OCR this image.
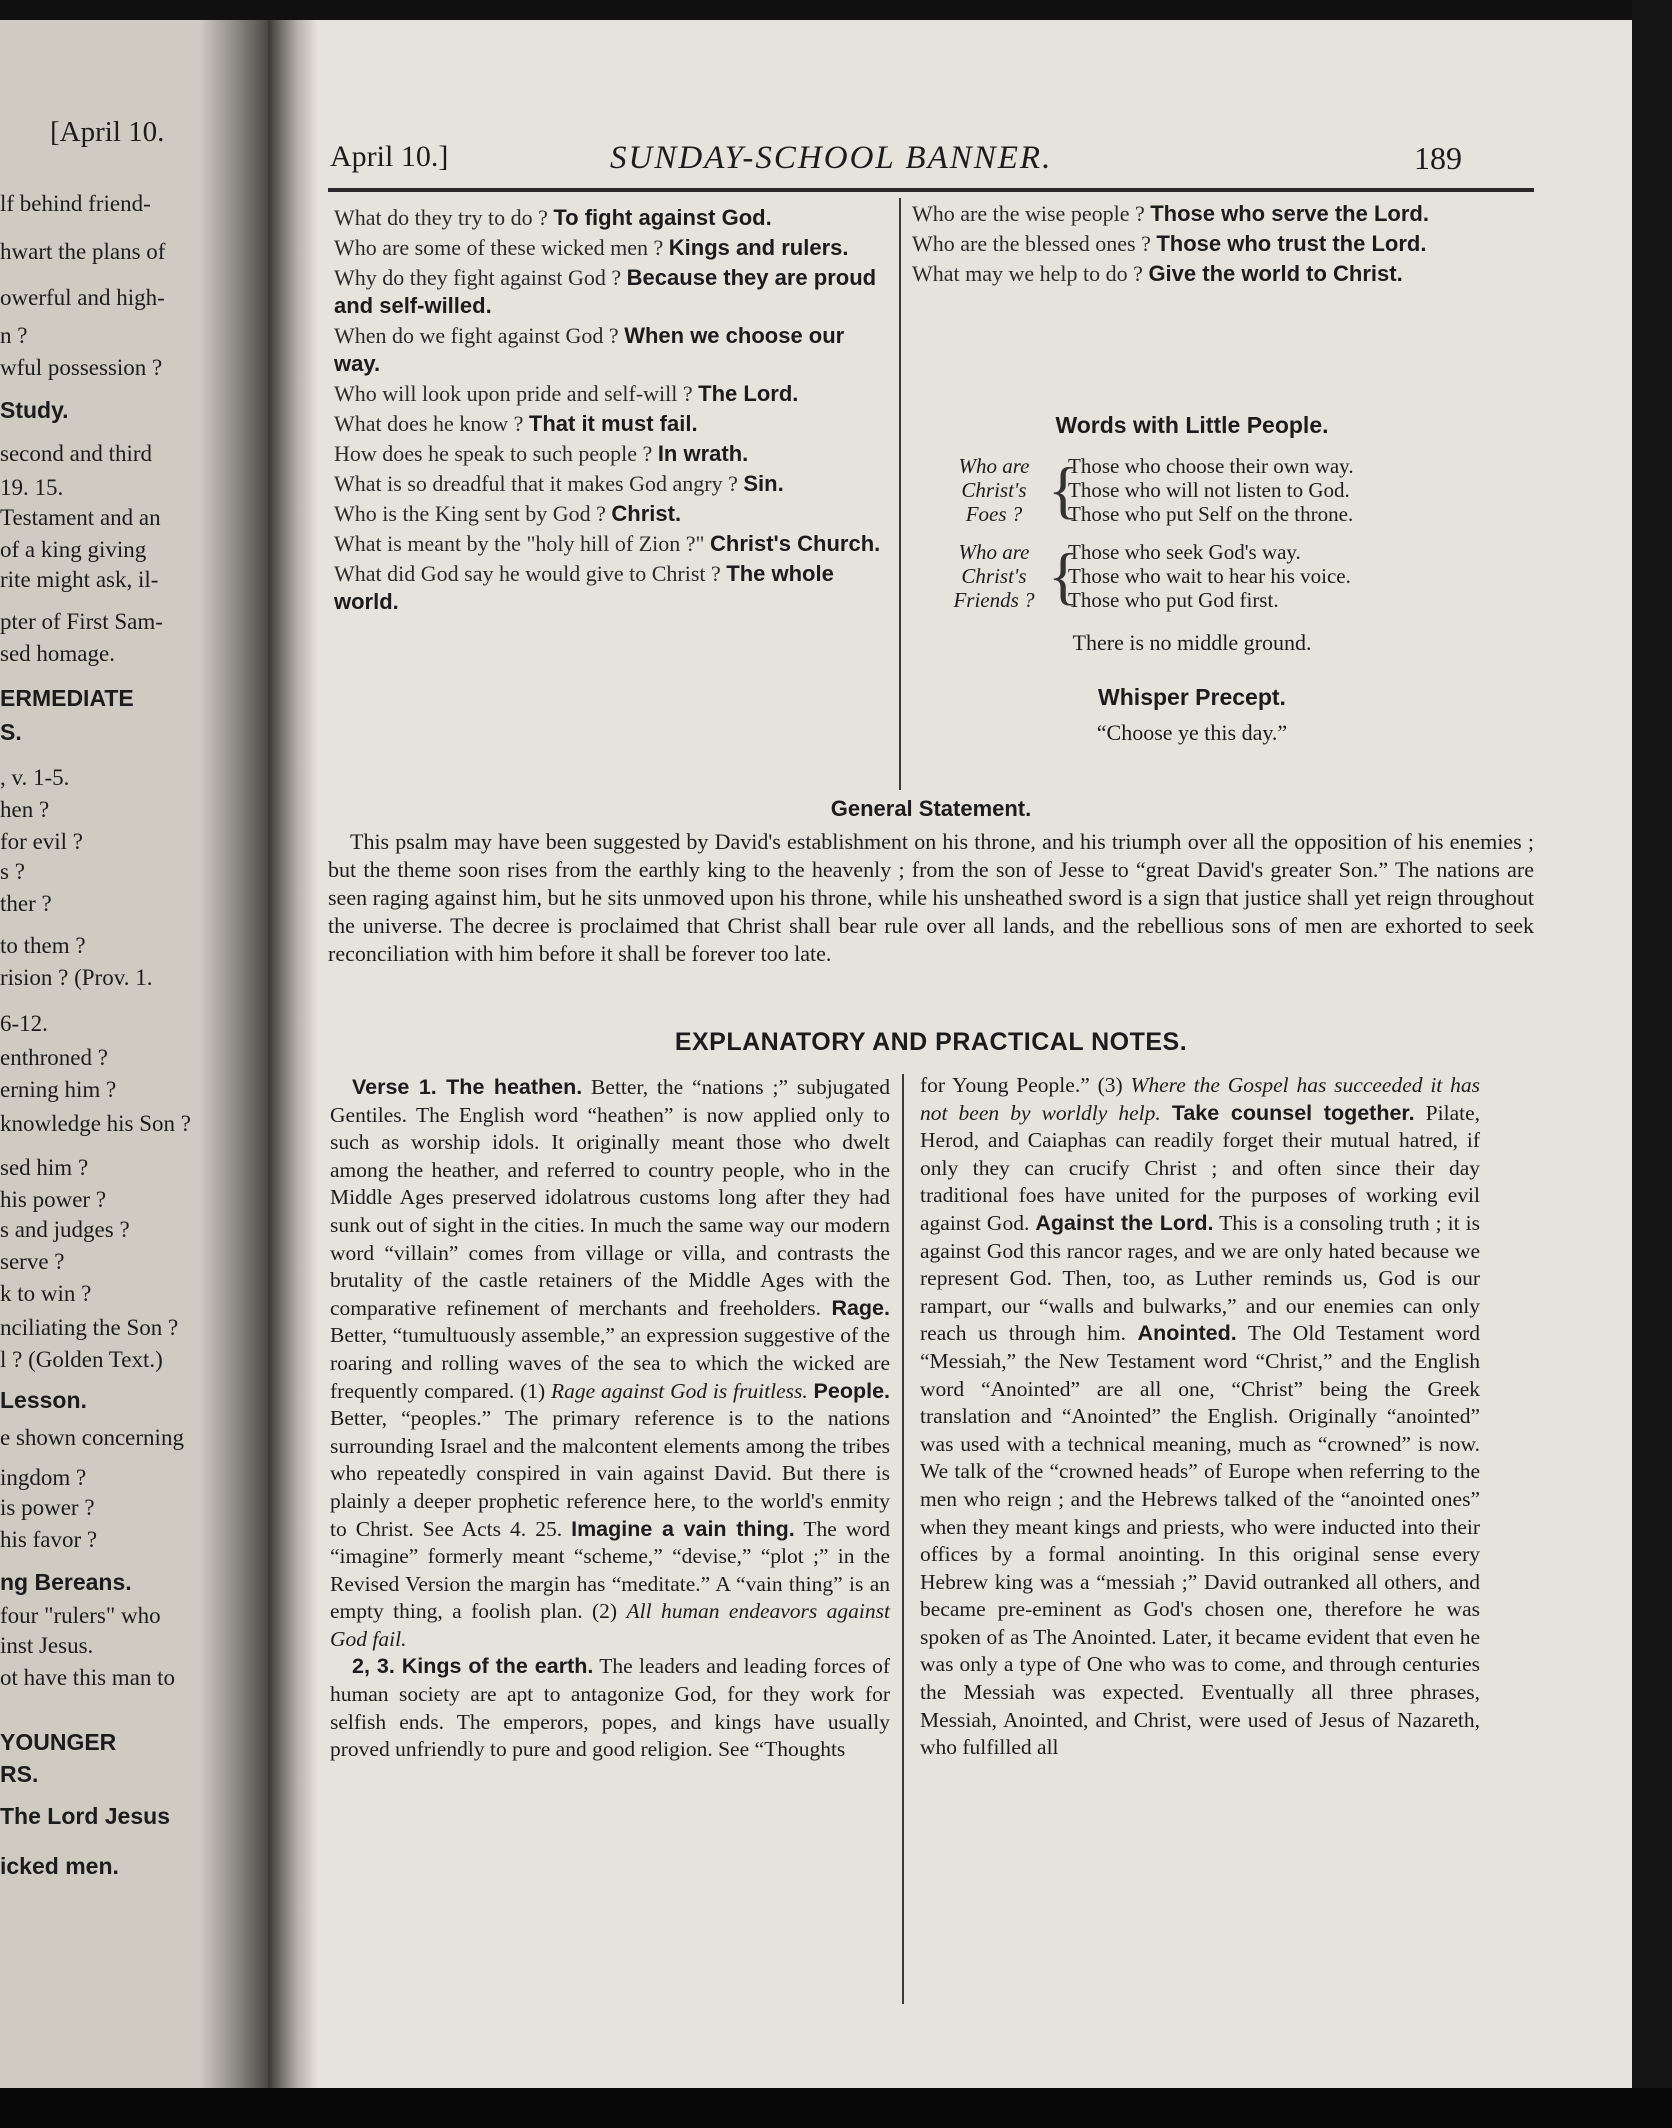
[April 10.
lf behind friend-
hwart the plans of
owerful and high-
n ?
wful possession ?
Study.
second and third
19. 15.
Testament and an
of a king giving
rite might ask, il-
pter of First Sam-
sed homage.
ERMEDIATE
S.
, v. 1-5.
hen ?
for evil ?
s ?
ther ?
to them ?
rision ? (Prov. 1.
6-12.
enthroned ?
erning him ?
knowledge his Son ?
sed him ?
his power ?
s and judges ?
serve ?
k to win ?
nciliating the Son ?
l ? (Golden Text.)
Lesson.
e shown concerning
ingdom ?
is power ?
his favor ?
ng Bereans.
four "rulers" who
inst Jesus.
ot have this man to
YOUNGER
RS.
The Lord Jesus
icked men.
April 10.]	SUNDAY-SCHOOL BANNER.	189

What do they try to do ? To fight against God.

Who are some of these wicked men ? Kings and rulers.

Why do they fight against God ? Because they are proud and self-willed.

When do we fight against God ? When we choose our way.

Who will look upon pride and self-will ? The Lord.

What does he know ? That it must fail.

How does he speak to such people ? In wrath.

What is so dreadful that it makes God angry ? Sin.

Who is the King sent by God ? Christ.

What is meant by the "holy hill of Zion ?" Christ's Church.

What did God say he would give to Christ ? The whole world.

Who are the wise people ? Those who serve the Lord.

Who are the blessed ones ? Those who trust the Lord.

What may we help to do ? Give the world to Christ.

Words with Little People.
Who are Christ's Foes ? {
Those who choose their own way.
Those who will not listen to God.
Those who put Self on the throne.
Who are Christ's Friends ? {
Those who seek God's way.
Those who wait to hear his voice.
Those who put God first.
There is no middle ground.
Whisper Precept.
“Choose ye this day.”
General Statement.
This psalm may have been suggested by David's establishment on his throne, and his triumph over all the opposition of his enemies ; but the theme soon rises from the earthly king to the heavenly ; from the son of Jesse to “great David's greater Son.” The nations are seen raging against him, but he sits unmoved upon his throne, while his unsheathed sword is a sign that justice shall yet reign throughout the universe. The decree is proclaimed that Christ shall bear rule over all lands, and the rebellious sons of men are exhorted to seek reconciliation with him before it shall be forever too late.
EXPLANATORY AND PRACTICAL NOTES.

Verse 1. The heathen. Better, the “nations ;” subjugated Gentiles. The English word “heathen” is now applied only to such as worship idols. It originally meant those who dwelt among the heather, and referred to country people, who in the Middle Ages preserved idolatrous customs long after they had sunk out of sight in the cities. In much the same way our modern word “villain” comes from village or villa, and contrasts the brutality of the castle retainers of the Middle Ages with the comparative refinement of merchants and freeholders. Rage. Better, “tumultuously assemble,” an expression suggestive of the roaring and rolling waves of the sea to which the wicked are frequently compared. (1) Rage against God is fruitless. People. Better, “peoples.” The primary reference is to the nations surrounding Israel and the malcontent elements among the tribes who repeatedly conspired in vain against David. But there is plainly a deeper prophetic reference here, to the world's enmity to Christ. See Acts 4. 25. Imagine a vain thing. The word “imagine” formerly meant “scheme,” “devise,” “plot ;” in the Revised Version the margin has “meditate.” A “vain thing” is an empty thing, a foolish plan. (2) All human endeavors against God fail.

2, 3. Kings of the earth. The leaders and leading forces of human society are apt to antagonize God, for they work for selfish ends. The emperors, popes, and kings have usually proved unfriendly to pure and good religion. See “Thoughts

for Young People.” (3) Where the Gospel has succeeded it has not been by worldly help. Take counsel together. Pilate, Herod, and Caiaphas can readily forget their mutual hatred, if only they can crucify Christ ; and often since their day traditional foes have united for the purposes of working evil against God. Against the Lord. This is a consoling truth ; it is against God this rancor rages, and we are only hated because we represent God. Then, too, as Luther reminds us, God is our rampart, our “walls and bulwarks,” and our enemies can only reach us through him. Anointed. The Old Testament word “Messiah,” the New Testament word “Christ,” and the English word “Anointed” are all one, “Christ” being the Greek translation and “Anointed” the English. Originally “anointed” was used with a technical meaning, much as “crowned” is now. We talk of the “crowned heads” of Europe when referring to the men who reign ; and the Hebrews talked of the “anointed ones” when they meant kings and priests, who were inducted into their offices by a formal anointing. In this original sense every Hebrew king was a “messiah ;” David outranked all others, and became pre-eminent as God's chosen one, therefore he was spoken of as The Anointed. Later, it became evident that even he was only a type of One who was to come, and through centuries the Messiah was expected. Eventually all three phrases, Messiah, Anointed, and Christ, were used of Jesus of Nazareth, who fulfilled all
